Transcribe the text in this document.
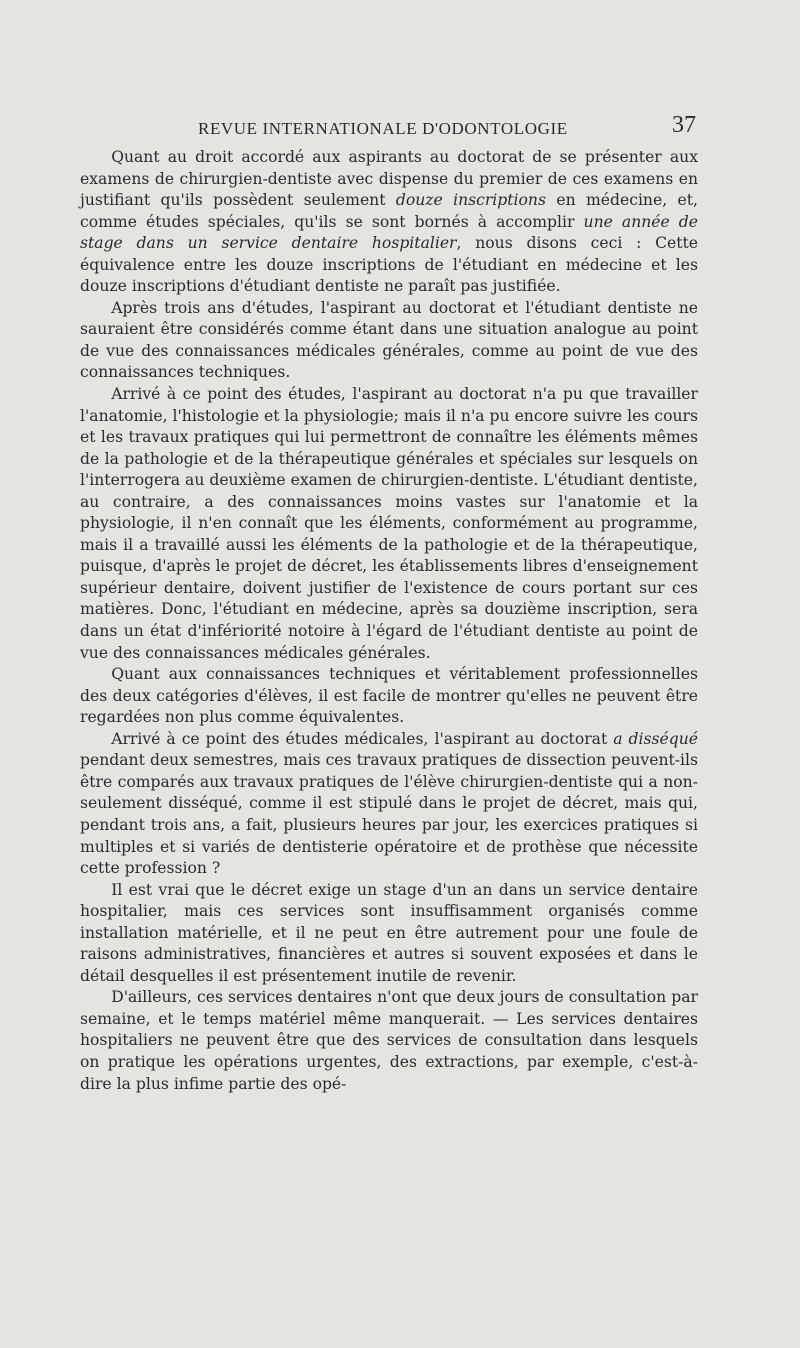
REVUE INTERNATIONALE D'ODONTOLOGIE	37

Quant au droit accordé aux aspirants au doctorat de se présenter aux examens de chirurgien-dentiste avec dispense du premier de ces examens en justifiant qu'ils possèdent seulement douze inscriptions en médecine, et, comme études spéciales, qu'ils se sont bornés à accomplir une année de stage dans un service dentaire hospitalier, nous disons ceci : Cette équivalence entre les douze inscriptions de l'étudiant en médecine et les douze inscriptions d'étudiant dentiste ne paraît pas justifiée.

Après trois ans d'études, l'aspirant au doctorat et l'étudiant dentiste ne sauraient être considérés comme étant dans une situation analogue au point de vue des connaissances médicales générales, comme au point de vue des connaissances techniques.

Arrivé à ce point des études, l'aspirant au doctorat n'a pu que travailler l'anatomie, l'histologie et la physiologie; mais il n'a pu encore suivre les cours et les travaux pratiques qui lui permettront de connaître les éléments mêmes de la pathologie et de la thérapeutique générales et spéciales sur lesquels on l'interrogera au deuxième examen de chirurgien-dentiste. L'étudiant dentiste, au contraire, a des connaissances moins vastes sur l'anatomie et la physiologie, il n'en connaît que les éléments, conformément au programme, mais il a travaillé aussi les éléments de la pathologie et de la thérapeutique, puisque, d'après le projet de décret, les établissements libres d'enseignement supérieur dentaire, doivent justifier de l'existence de cours portant sur ces matières. Donc, l'étudiant en médecine, après sa douzième inscription, sera dans un état d'infériorité notoire à l'égard de l'étudiant dentiste au point de vue des connaissances médicales générales.

Quant aux connaissances techniques et véritablement professionnelles des deux catégories d'élèves, il est facile de montrer qu'elles ne peuvent être regardées non plus comme équivalentes.

Arrivé à ce point des études médicales, l'aspirant au doctorat a disséqué pendant deux semestres, mais ces travaux pratiques de dissection peuvent-ils être comparés aux travaux pratiques de l'élève chirurgien-dentiste qui a non-seulement disséqué, comme il est stipulé dans le projet de décret, mais qui, pendant trois ans, a fait, plusieurs heures par jour, les exercices pratiques si multiples et si variés de dentisterie opératoire et de prothèse que nécessite cette profession ?

Il est vrai que le décret exige un stage d'un an dans un service dentaire hospitalier, mais ces services sont insuffisamment organisés comme installation matérielle, et il ne peut en être autrement pour une foule de raisons administratives, financières et autres si souvent exposées et dans le détail desquelles il est présentement inutile de revenir.

D'ailleurs, ces services dentaires n'ont que deux jours de consultation par semaine, et le temps matériel même manquerait. — Les services dentaires hospitaliers ne peuvent être que des services de consultation dans lesquels on pratique les opérations urgentes, des extractions, par exemple, c'est-à-dire la plus infime partie des opé-
